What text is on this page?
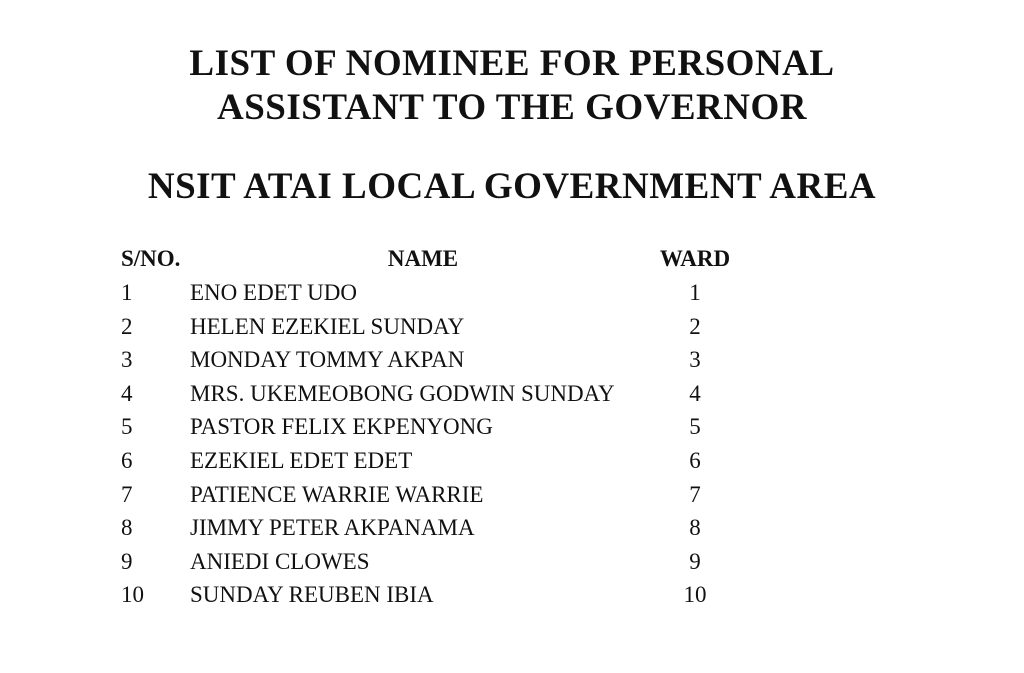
LIST OF NOMINEE FOR PERSONAL
ASSISTANT TO THE GOVERNOR
NSIT ATAI LOCAL GOVERNMENT AREA
S/NO.	NAME	WARD
1	ENO EDET UDO	1
2	HELEN EZEKIEL SUNDAY	2
3	MONDAY TOMMY AKPAN	3
4	MRS. UKEMEOBONG GODWIN SUNDAY	4
5	PASTOR FELIX EKPENYONG	5
6	EZEKIEL EDET EDET	6
7	PATIENCE WARRIE WARRIE	7
8	JIMMY PETER AKPANAMA	8
9	ANIEDI CLOWES	9
10 SUNDAY REUBEN IBIA	10
